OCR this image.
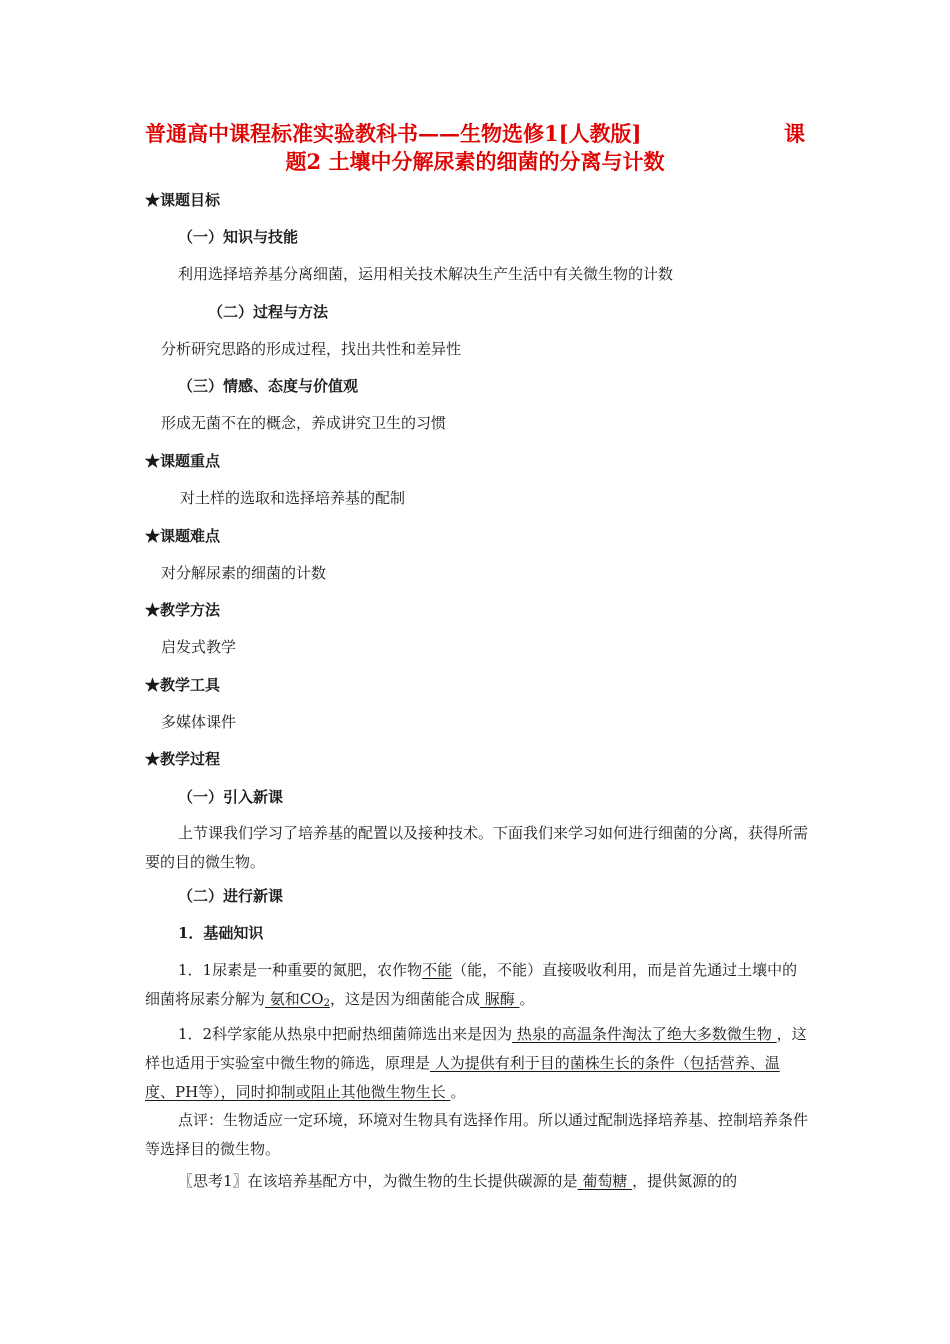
普通高中课程标准实验教科书——生物选修1[人教版]	课
题2 土壤中分解尿素的细菌的分离与计数
★课题目标
（一）知识与技能
利用选择培养基分离细菌，运用相关技术解决生产生活中有关微生物的计数
（二）过程与方法
分析研究思路的形成过程，找出共性和差异性
（三）情感、态度与价值观
形成无菌不在的概念，养成讲究卫生的习惯
★课题重点
对土样的选取和选择培养基的配制
★课题难点
对分解尿素的细菌的计数
★教学方法
启发式教学
★教学工具
多媒体课件
★教学过程
（一）引入新课
上节课我们学习了培养基的配置以及接种技术。下面我们来学习如何进行细菌的分离，获得所需要的目的微生物。
（二）进行新课
1．基础知识
1．1尿素是一种重要的氮肥，农作物不能（能，不能）直接吸收利用，而是首先通过土壤中的细菌将尿素分解为 氨和$CO_2$，这是因为细菌能合成 脲酶 。
1．2科学家能从热泉中把耐热细菌筛选出来是因为 热泉的高温条件淘汰了绝大多数微生物 ，这样也适用于实验室中微生物的筛选，原理是 人为提供有利于目的菌株生长的条件（包括营养、温度、PH等），同时抑制或阻止其他微生物生长 。
点评：生物适应一定环境，环境对生物具有选择作用。所以通过配制选择培养基、控制培养条件等选择目的微生物。
〖思考1〗在该培养基配方中，为微生物的生长提供碳源的是 葡萄糖 ，提供氮源的的
